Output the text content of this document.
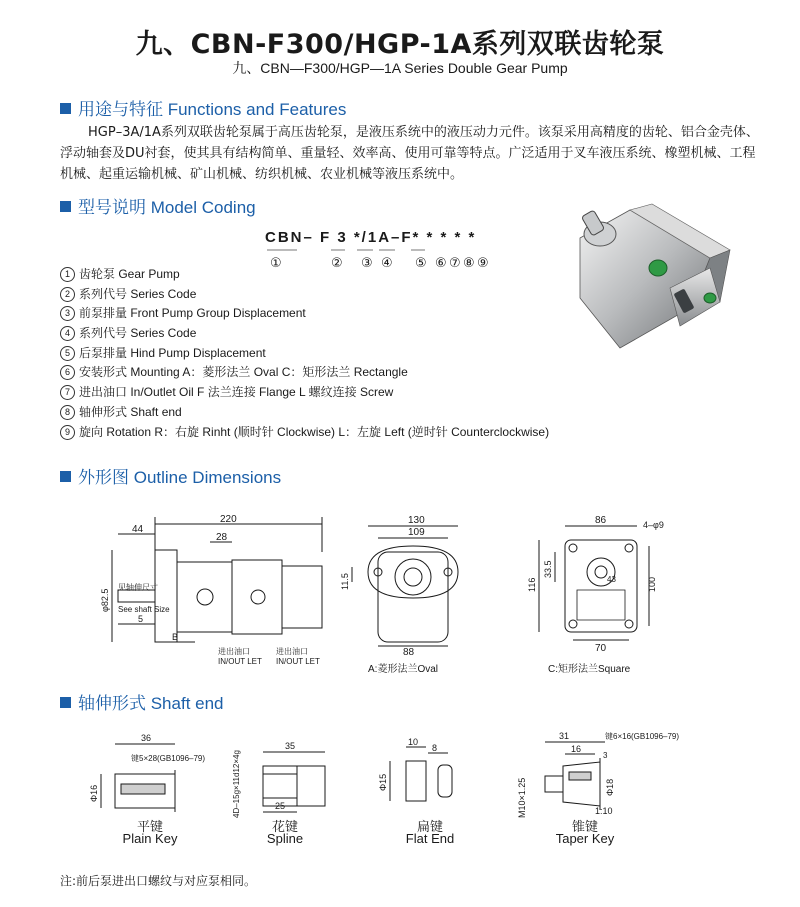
九、CBN-F300/HGP-1A系列双联齿轮泵
九、CBN—F300/HGP—1A Series Double Gear Pump
用途与特征 Functions and Features
HGP–3A/1A系列双联齿轮泵属于高压齿轮泵，是液压系统中的液压动力元件。该泵采用高精度的齿轮、铝合金壳体、浮动轴套及DU衬套，使其具有结构简单、重量轻、效率高、使用可靠等特点。广泛适用于叉车液压系统、橡塑机械、工程机械、起重运输机械、矿山机械、纺织机械、农业机械等液压系统中。
型号说明 Model Coding
CBN– F 3 */1A–F* * * * *
①	② ③ ④ ⑤ ⑥ ⑦ ⑧ ⑨
1 齿轮泵 Gear Pump
2 系列代号 Series Code
3 前泵排量 Front Pump Group Displacement
4 系列代号 Series Code
5 后泵排量 Hind Pump Displacement
6 安装形式 Mounting A：菱形法兰 Oval C：矩形法兰 Rectangle
7 进出油口 In/Outlet Oil F 法兰连接 Flange L 螺纹连接 Screw
8 轴伸形式 Shaft end
9 旋向 Rotation R：右旋 Rinht (顺时针 Clockwise) L：左旋 Left (逆时针 Counterclockwise)
外形图 Outline Dimensions
220
44
28
φ82.5
5
B
见轴伸尺寸
See shaft Size
进出油口
IN/OUT LET
进出油口
IN/OUT LET
130
109
11.5
88
A:菱形法兰Oval
86	4–φ9
116
33.5
100
43
70
C:矩形法兰Square
轴伸形式 Shaft end
36
键5×28(GB1096–79)
Φ16
平键
Plain Key
35
25
4D–15g×11d12×4g
花键
Spline
10
8
Φ15
扁键
Flat End
31	键6×16(GB1096–79)
16
3
M10×1.25	Φ18
1:10
锥键
Taper Key
注:前后泵进出口螺纹与对应泵相同。
